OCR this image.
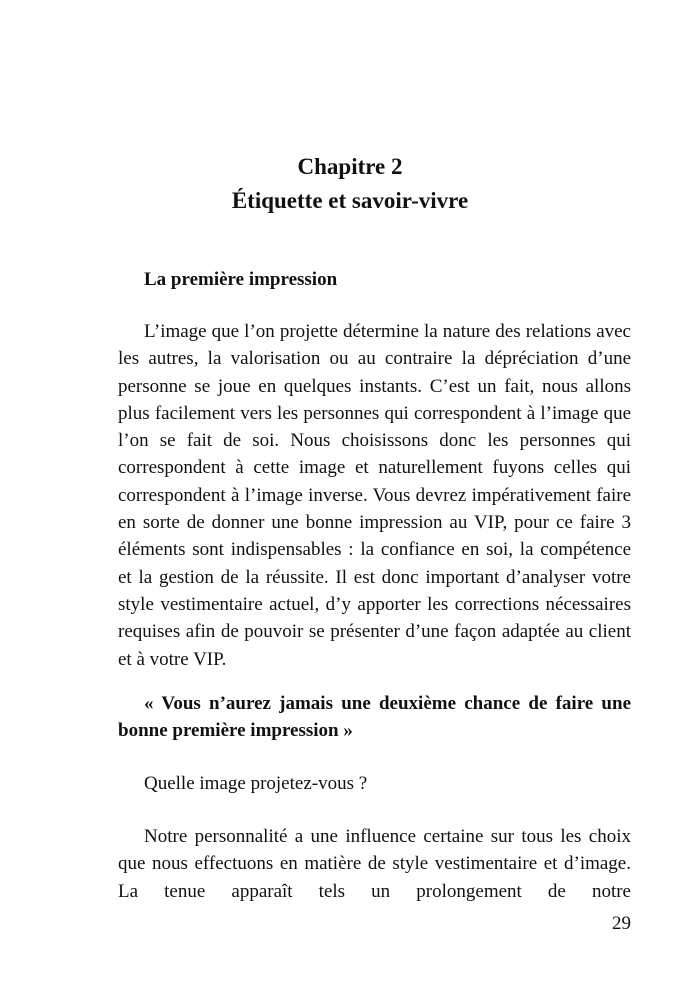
Chapitre 2
Étiquette et savoir-vivre

La première impression

L’image que l’on projette détermine la nature des relations avec les autres, la valorisation ou au contraire la dépréciation d’une personne se joue en quelques instants. C’est un fait, nous allons plus facilement vers les personnes qui correspondent à l’image que l’on se fait de soi. Nous choisissons donc les personnes qui correspondent à cette image et naturellement fuyons celles qui correspondent à l’image inverse. Vous devrez impérativement faire en sorte de donner une bonne impression au VIP, pour ce faire 3 éléments sont indispensables : la confiance en soi, la compétence et la gestion de la réussite. Il est donc important d’analyser votre style vestimentaire actuel, d’y apporter les corrections nécessaires requises afin de pouvoir se présenter d’une façon adaptée au client et à votre VIP.

« Vous n’aurez jamais une deuxième chance de faire une bonne première impression »

Quelle image projetez-vous ?

Notre personnalité a une influence certaine sur tous les choix que nous effectuons en matière de style vestimentaire et d’image. La tenue apparaît tels un prolongement de notre

29
